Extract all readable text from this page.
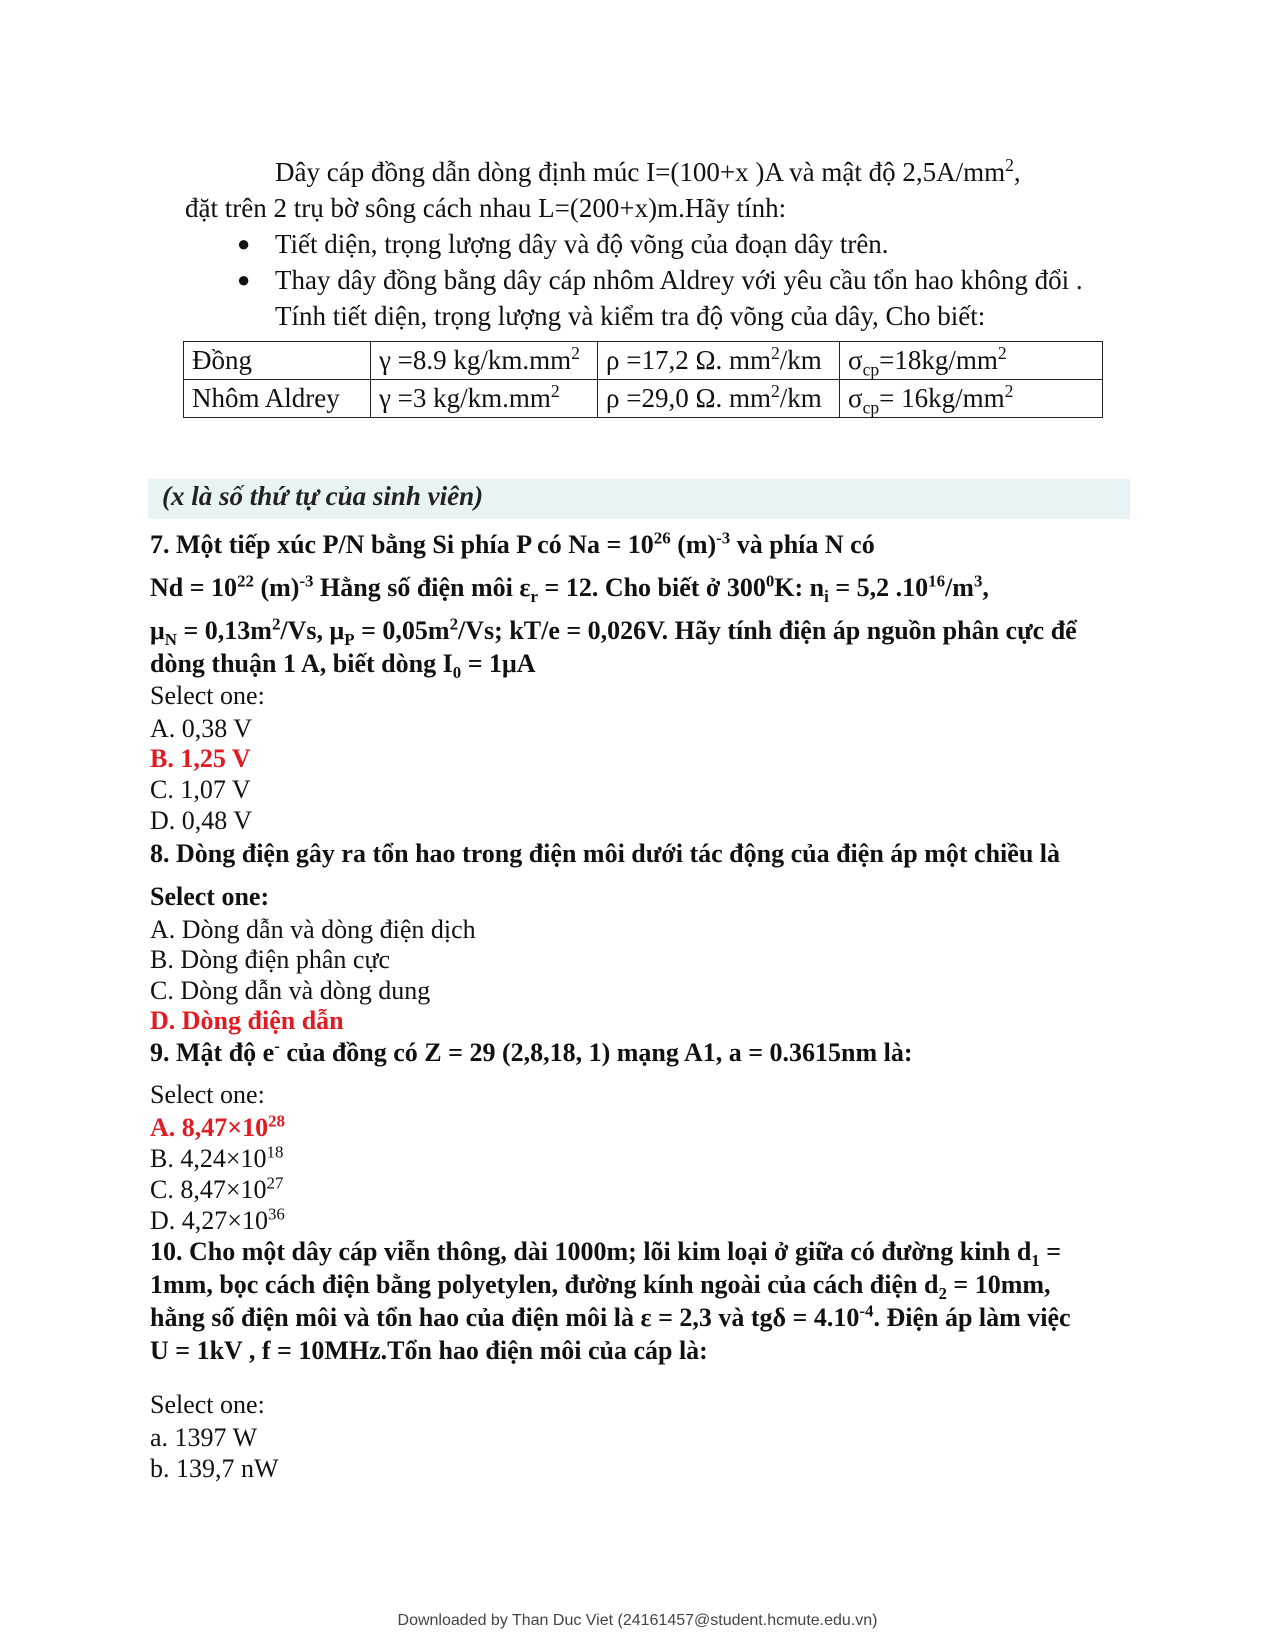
Dây cáp đồng dẫn dòng định múc I=(100+x )A và mật độ $2,5A/mm^2$,

đặt trên 2 trụ bờ sông cách nhau L=(200+x)m.Hãy tính:

● Tiết diện, trọng lượng dây và độ võng của đoạn dây trên.
● Thay dây đồng bằng dây cáp nhôm Aldrey với yêu cầu tổn hao không đổi . Tính tiết diện, trọng lượng và kiểm tra độ võng của dây, Cho biết:
Đồng	γ =8.9 $kg/km.mm^2$	ρ =17,2 Ω. $mm^2/km$	$\sigma_{cp}=18kg/mm^2$
Nhôm Aldrey	γ =3 $kg/km.mm^2$	ρ =29,0 Ω. $mm^2/km$	$\sigma_{cp}= 16kg/mm^2$
(x là số thứ tự của sinh viên)
7. Một tiếp xúc P/N bằng Si phía P có $Na = 10^{26}$ $(m)^{-3}$ và phía N có
$Nd = 10^{22}$ $(m)^{-3}$ Hằng số điện môi $\varepsilon_r = 12$. Cho biết ở $300^0K$: $n_i = 5,2$ $.10^{16}/m^3$,
$\mu_N = 0,13m^2/Vs$, $\mu_P = 0,05m^2/Vs$; kT/e = 0,026V. Hãy tính điện áp nguồn phân cực để
dòng thuận 1 A, biết dòng $I_0 = 1\mu A$
Select one:
A. 0,38 V
B. 1,25 V
C. 1,07 V
D. 0,48 V
8. Dòng điện gây ra tổn hao trong điện môi dưới tác động của điện áp một chiều là
Select one:
A. Dòng dẫn và dòng điện dịch
B. Dòng điện phân cực
C. Dòng dẫn và dòng dung
D. Dòng điện dẫn
9. Mật độ e- của đồng có Z = 29 (2,8,18, 1) mạng A1, a = 0.3615nm là:
Select one:
A. $8,47\times 10^{28}$
B. $4,24\times 10^{18}$
C. $8,47\times 10^{27}$
D. $4,27\times 10^{36}$
10. Cho một dây cáp viễn thông, dài 1000m; lõi kim loại ở giữa có đường kinh $d_1$ =
1mm, bọc cách điện bằng polyetylen, đường kính ngoài của cách điện $d_2 = 10mm$,
hằng số điện môi và tổn hao của điện môi là ε = 2,3 và $tg\delta = 4.10^{-4}$. Điện áp làm việc
U = 1kV , f = 10MHz.Tổn hao điện môi của cáp là:
Select one:
a. 1397 W
b. 139,7 nW
Downloaded by Than Duc Viet (24161457@student.hcmute.edu.vn)
